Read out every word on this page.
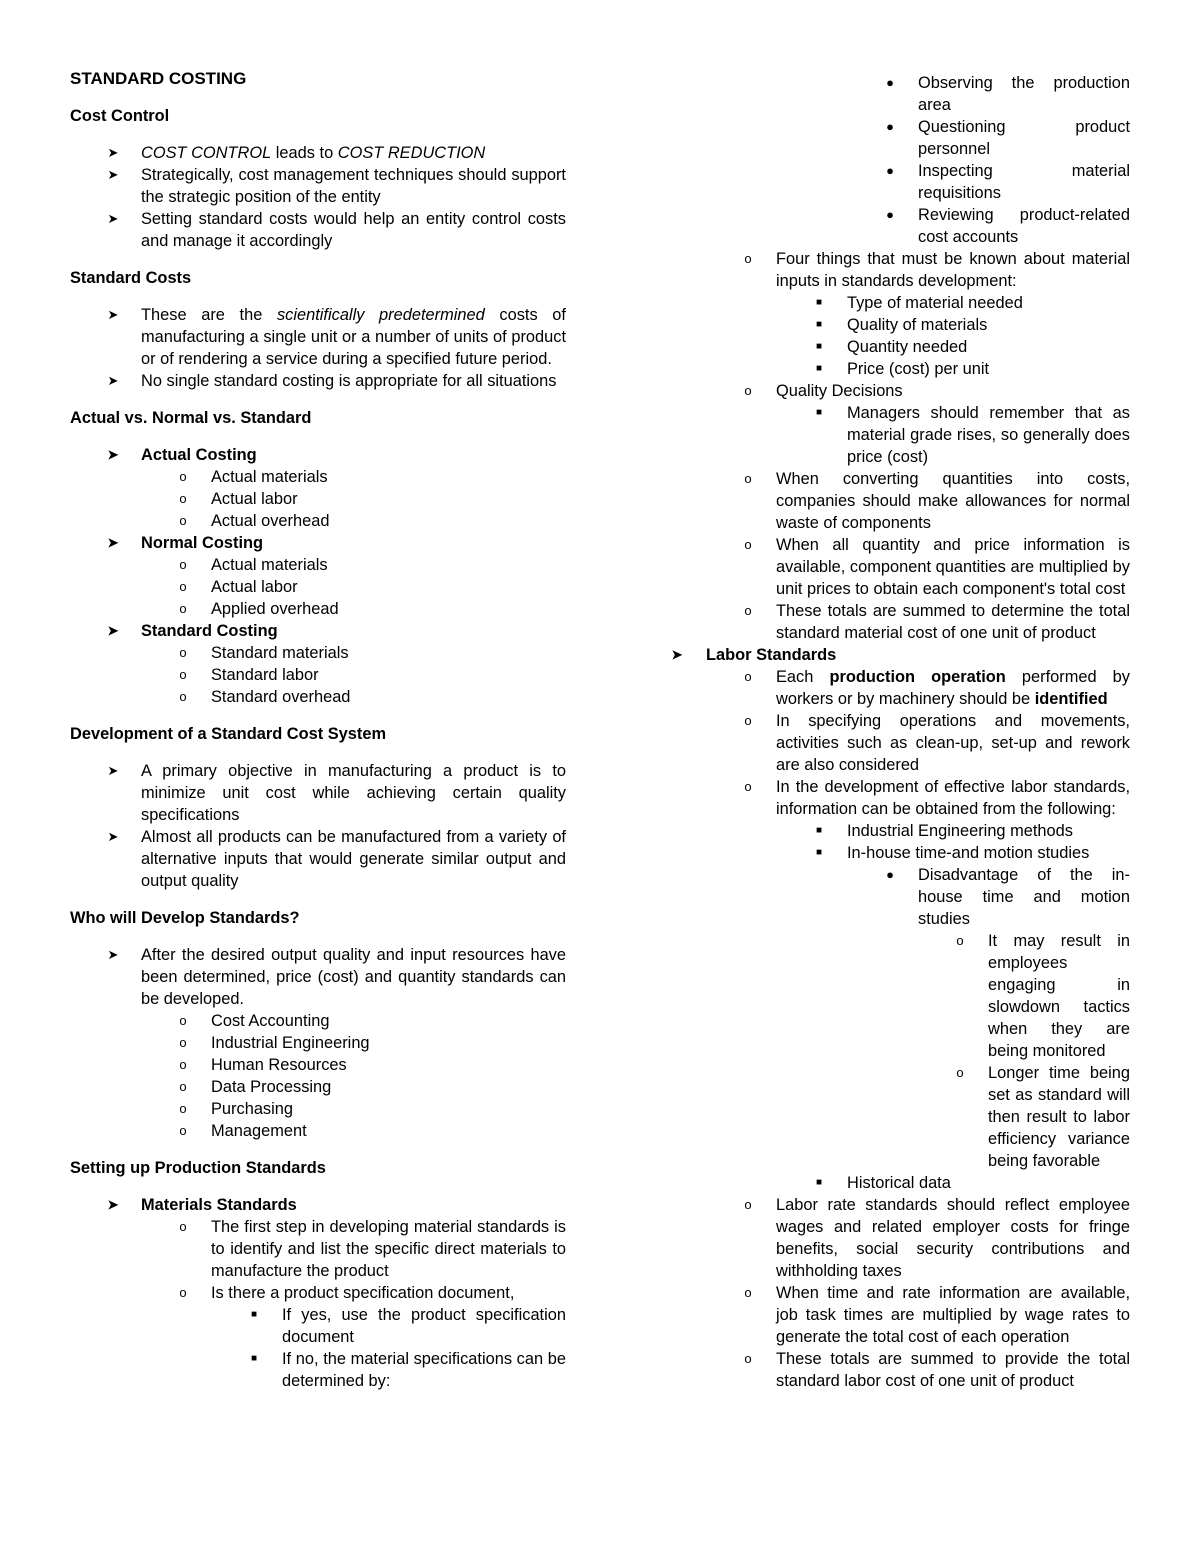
STANDARD COSTING
Cost Control
➤ COST CONTROL leads to COST REDUCTION
➤ Strategically, cost management techniques should support the strategic position of the entity
➤ Setting standard costs would help an entity control costs and manage it accordingly
Standard Costs
➤ These are the scientifically predetermined costs of manufacturing a single unit or a number of units of product or of rendering a service during a specified future period.
➤ No single standard costing is appropriate for all situations
Actual vs. Normal vs. Standard
➤ Actual Costing
o Actual materials
o Actual labor
o Actual overhead
➤ Normal Costing
o Actual materials
o Actual labor
o Applied overhead
➤ Standard Costing
o Standard materials
o Standard labor
o Standard overhead
Development of a Standard Cost System
➤ A primary objective in manufacturing a product is to minimize unit cost while achieving certain quality specifications
➤ Almost all products can be manufactured from a variety of alternative inputs that would generate similar output and output quality
Who will Develop Standards?
➤ After the desired output quality and input resources have been determined, price (cost) and quantity standards can be developed.
o Cost Accounting
o Industrial Engineering
o Human Resources
o Data Processing
o Purchasing
o Management
Setting up Production Standards
➤ Materials Standards
o The first step in developing material standards is to identify and list the specific direct materials to manufacture the product
o Is there a product specification document,
■ If yes, use the product specification document
■ If no, the material specifications can be determined by:
● Observing the production area
● Questioning product personnel
● Inspecting material requisitions
● Reviewing product-related cost accounts
o Four things that must be known about material inputs in standards development:
■ Type of material needed
■ Quality of materials
■ Quantity needed
■ Price (cost) per unit
o Quality Decisions
■ Managers should remember that as material grade rises, so generally does price (cost)
o When converting quantities into costs, companies should make allowances for normal waste of components
o When all quantity and price information is available, component quantities are multiplied by unit prices to obtain each component's total cost
o These totals are summed to determine the total standard material cost of one unit of product
➤ Labor Standards
o Each production operation performed by workers or by machinery should be identified
o In specifying operations and movements, activities such as clean-up, set-up and rework are also considered
o In the development of effective labor standards, information can be obtained from the following:
■ Industrial Engineering methods
■ In-house time-and motion studies
● Disadvantage of the in-house time and motion studies
o It may result in employees engaging in slowdown tactics when they are being monitored
o Longer time being set as standard will then result to labor efficiency variance being favorable
■ Historical data
o Labor rate standards should reflect employee wages and related employer costs for fringe benefits, social security contributions and withholding taxes
o When time and rate information are available, job task times are multiplied by wage rates to generate the total cost of each operation
o These totals are summed to provide the total standard labor cost of one unit of product
